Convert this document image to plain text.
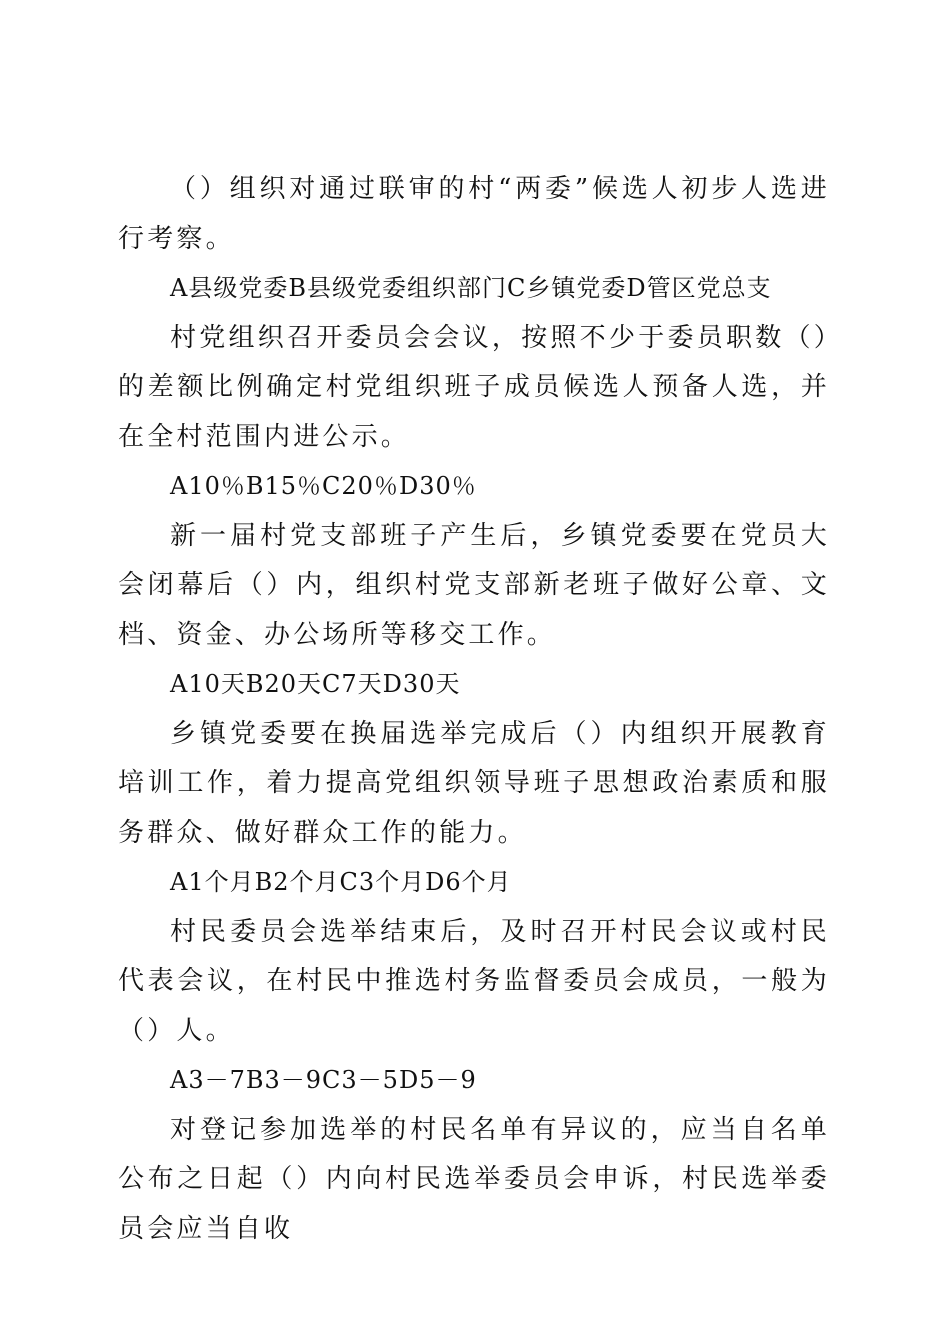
（）组织对通过联审的村“两委”候选人初步人选进行考察。

A县级党委B县级党委组织部门C乡镇党委D管区党总支

村党组织召开委员会会议，按照不少于委员职数（）的差额比例确定村党组织班子成员候选人预备人选，并在全村范围内进公示。

A10％B15％C20％D30％

新一届村党支部班子产生后，乡镇党委要在党员大会闭幕后（）内，组织村党支部新老班子做好公章、文档、资金、办公场所等移交工作。

A10天B20天C7天D30天

乡镇党委要在换届选举完成后（）内组织开展教育培训工作，着力提高党组织领导班子思想政治素质和服务群众、做好群众工作的能力。

A1个月B2个月C3个月D6个月

村民委员会选举结束后，及时召开村民会议或村民代表会议，在村民中推选村务监督委员会成员，一般为（）人。

A3－7B3－9C3－5D5－9

对登记参加选举的村民名单有异议的，应当自名单公布之日起（）内向村民选举委员会申诉，村民选举委员会应当自收
